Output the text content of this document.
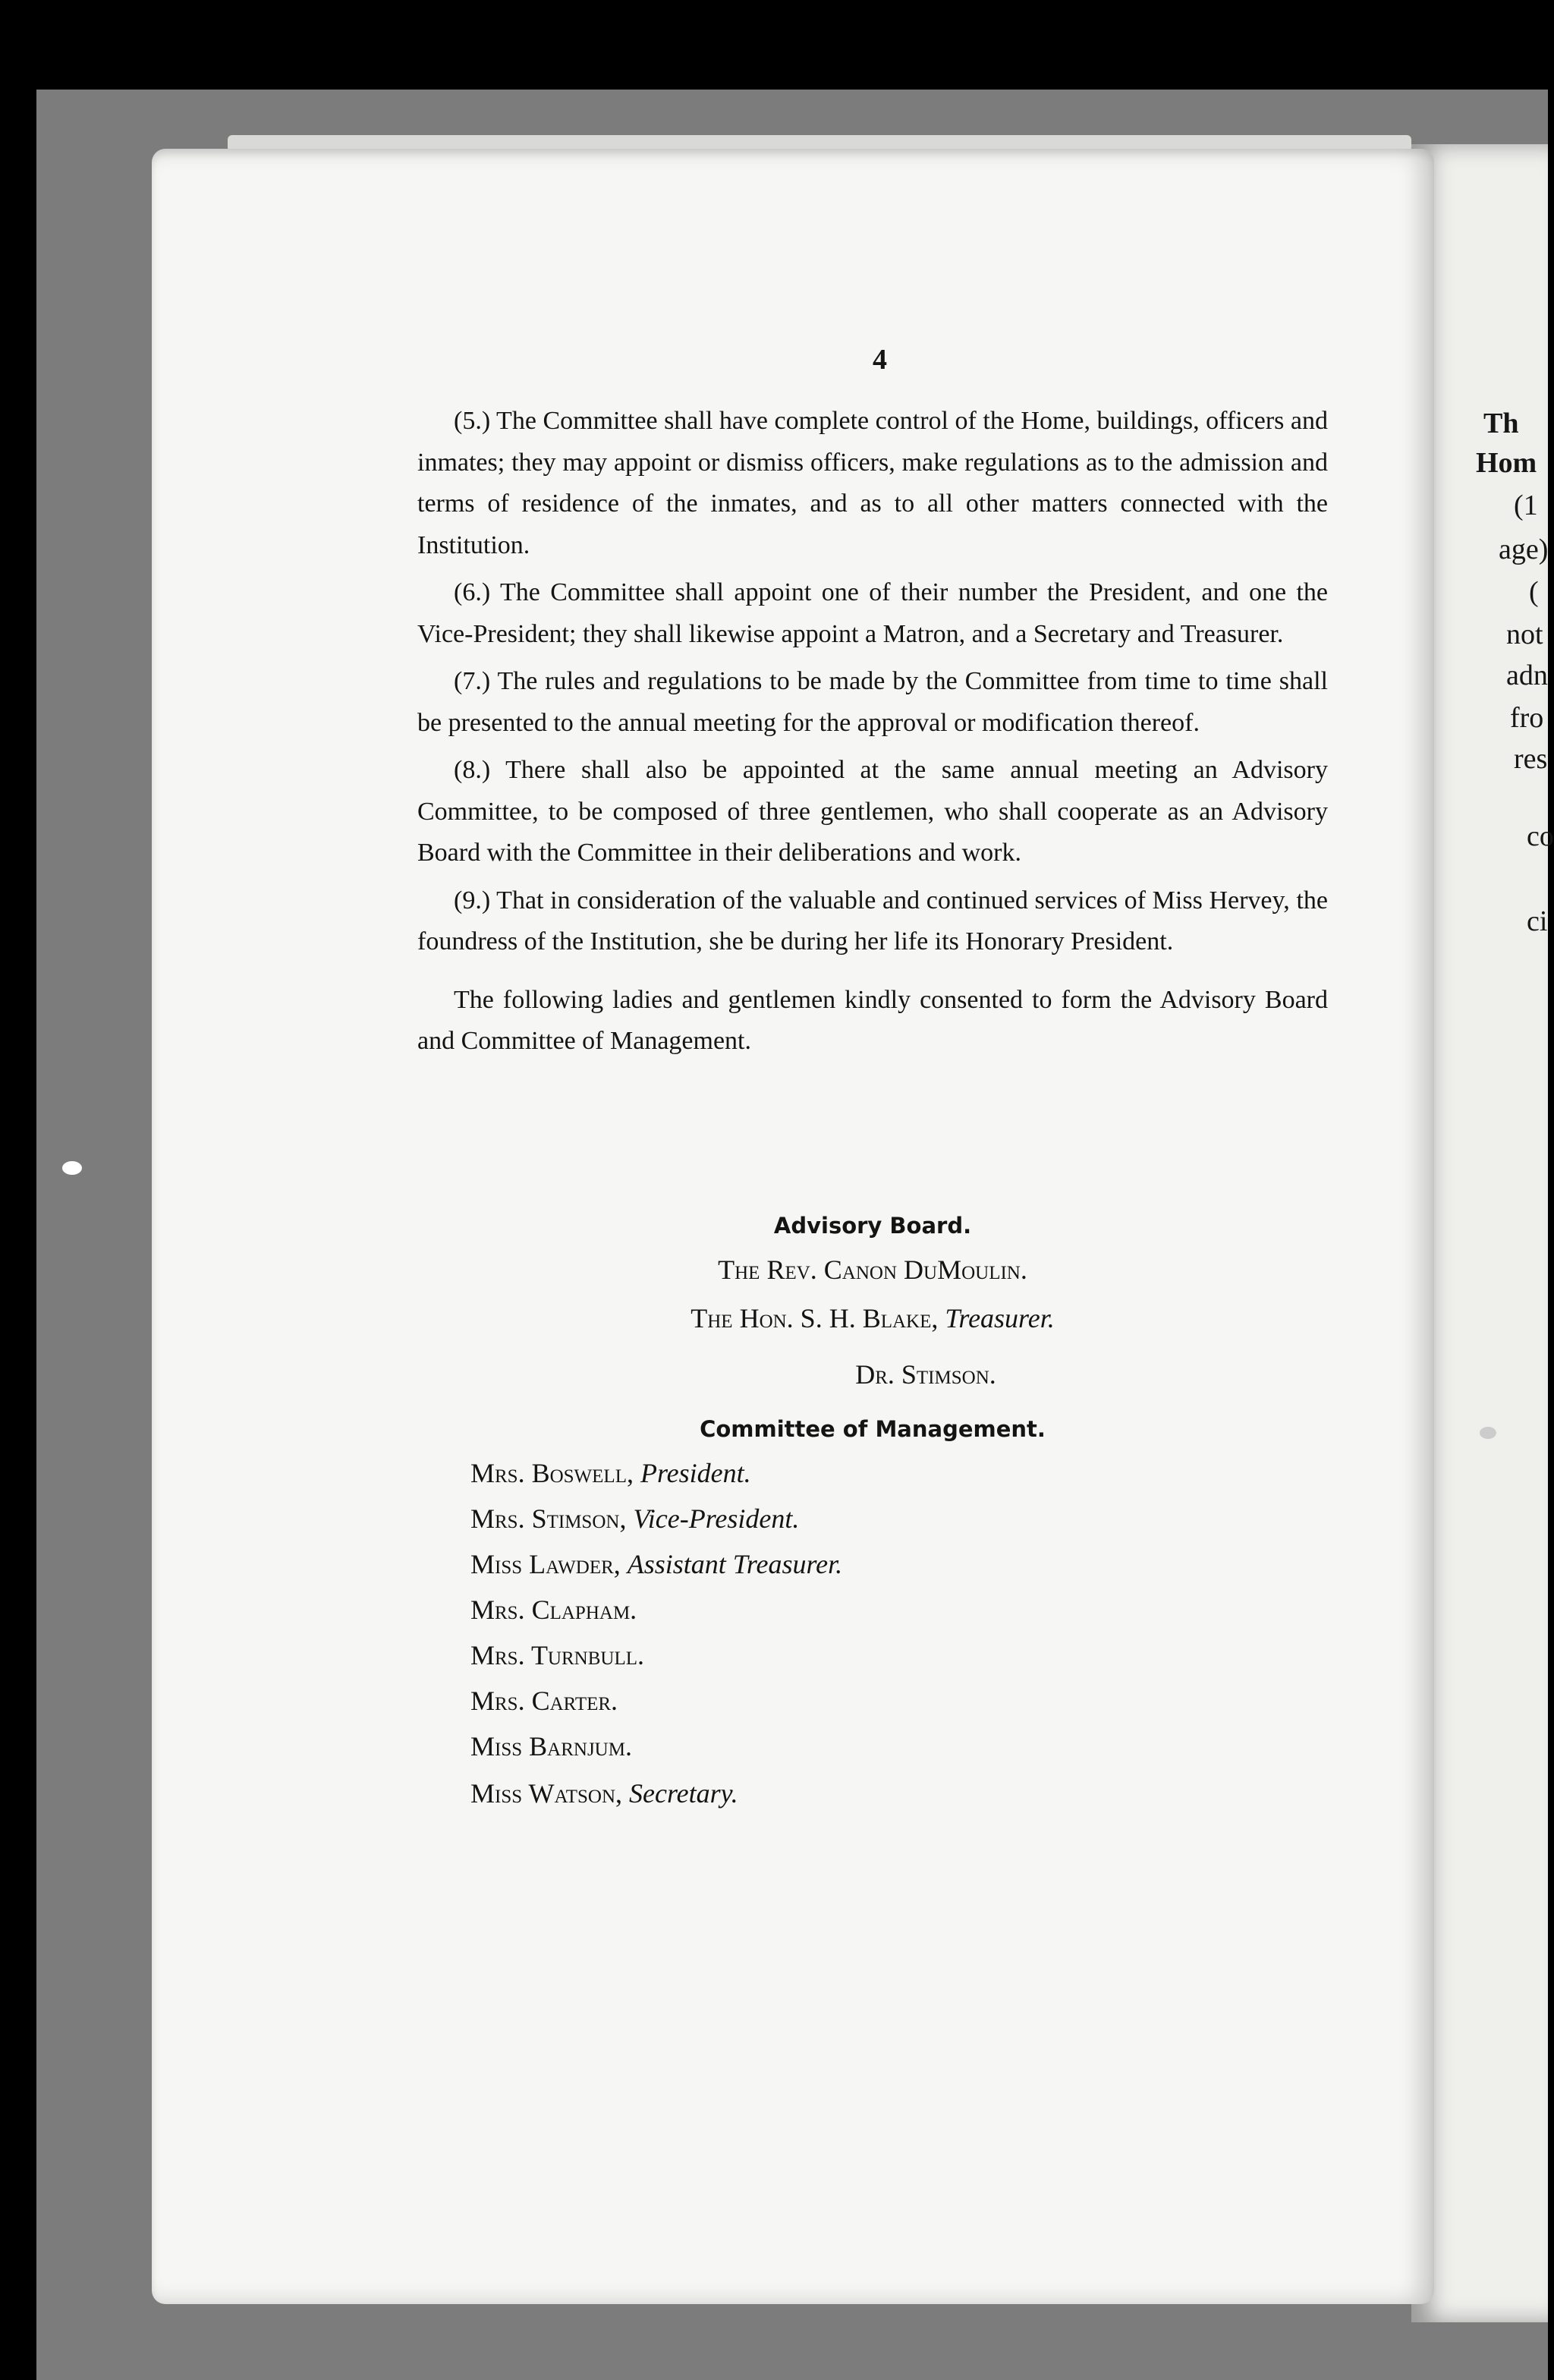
Th
Hom
(1
age)
(
not
adn
fro
res
co
ci
4

(5.) The Committee shall have complete control of the Home, buildings, officers and inmates; they may appoint or dismiss officers, make regulations as to the admission and terms of residence of the inmates, and as to all other matters connected with the Institution.

(6.) The Committee shall appoint one of their number the President, and one the Vice-President; they shall likewise appoint a Matron, and a Secretary and Treasurer.

(7.) The rules and regulations to be made by the Committee from time to time shall be presented to the annual meeting for the approval or modification thereof.

(8.) There shall also be appointed at the same annual meeting an Advisory Committee, to be composed of three gentlemen, who shall cooperate as an Advisory Board with the Committee in their deliberations and work.

(9.) That in consideration of the valuable and continued services of Miss Hervey, the foundress of the Institution, she be during her life its Honorary President.

The following ladies and gentlemen kindly consented to form the Advisory Board and Committee of Management.

Advisory Board.
The Rev. Canon DuMoulin.
The Hon. S. H. Blake, Treasurer.
Dr. Stimson.
Committee of Management.
Mrs. Boswell, President.
Mrs. Stimson, Vice-President.
Miss Lawder, Assistant Treasurer.
Mrs. Clapham.
Mrs. Turnbull.
Mrs. Carter.
Miss Barnjum.
Miss Watson, Secretary.
